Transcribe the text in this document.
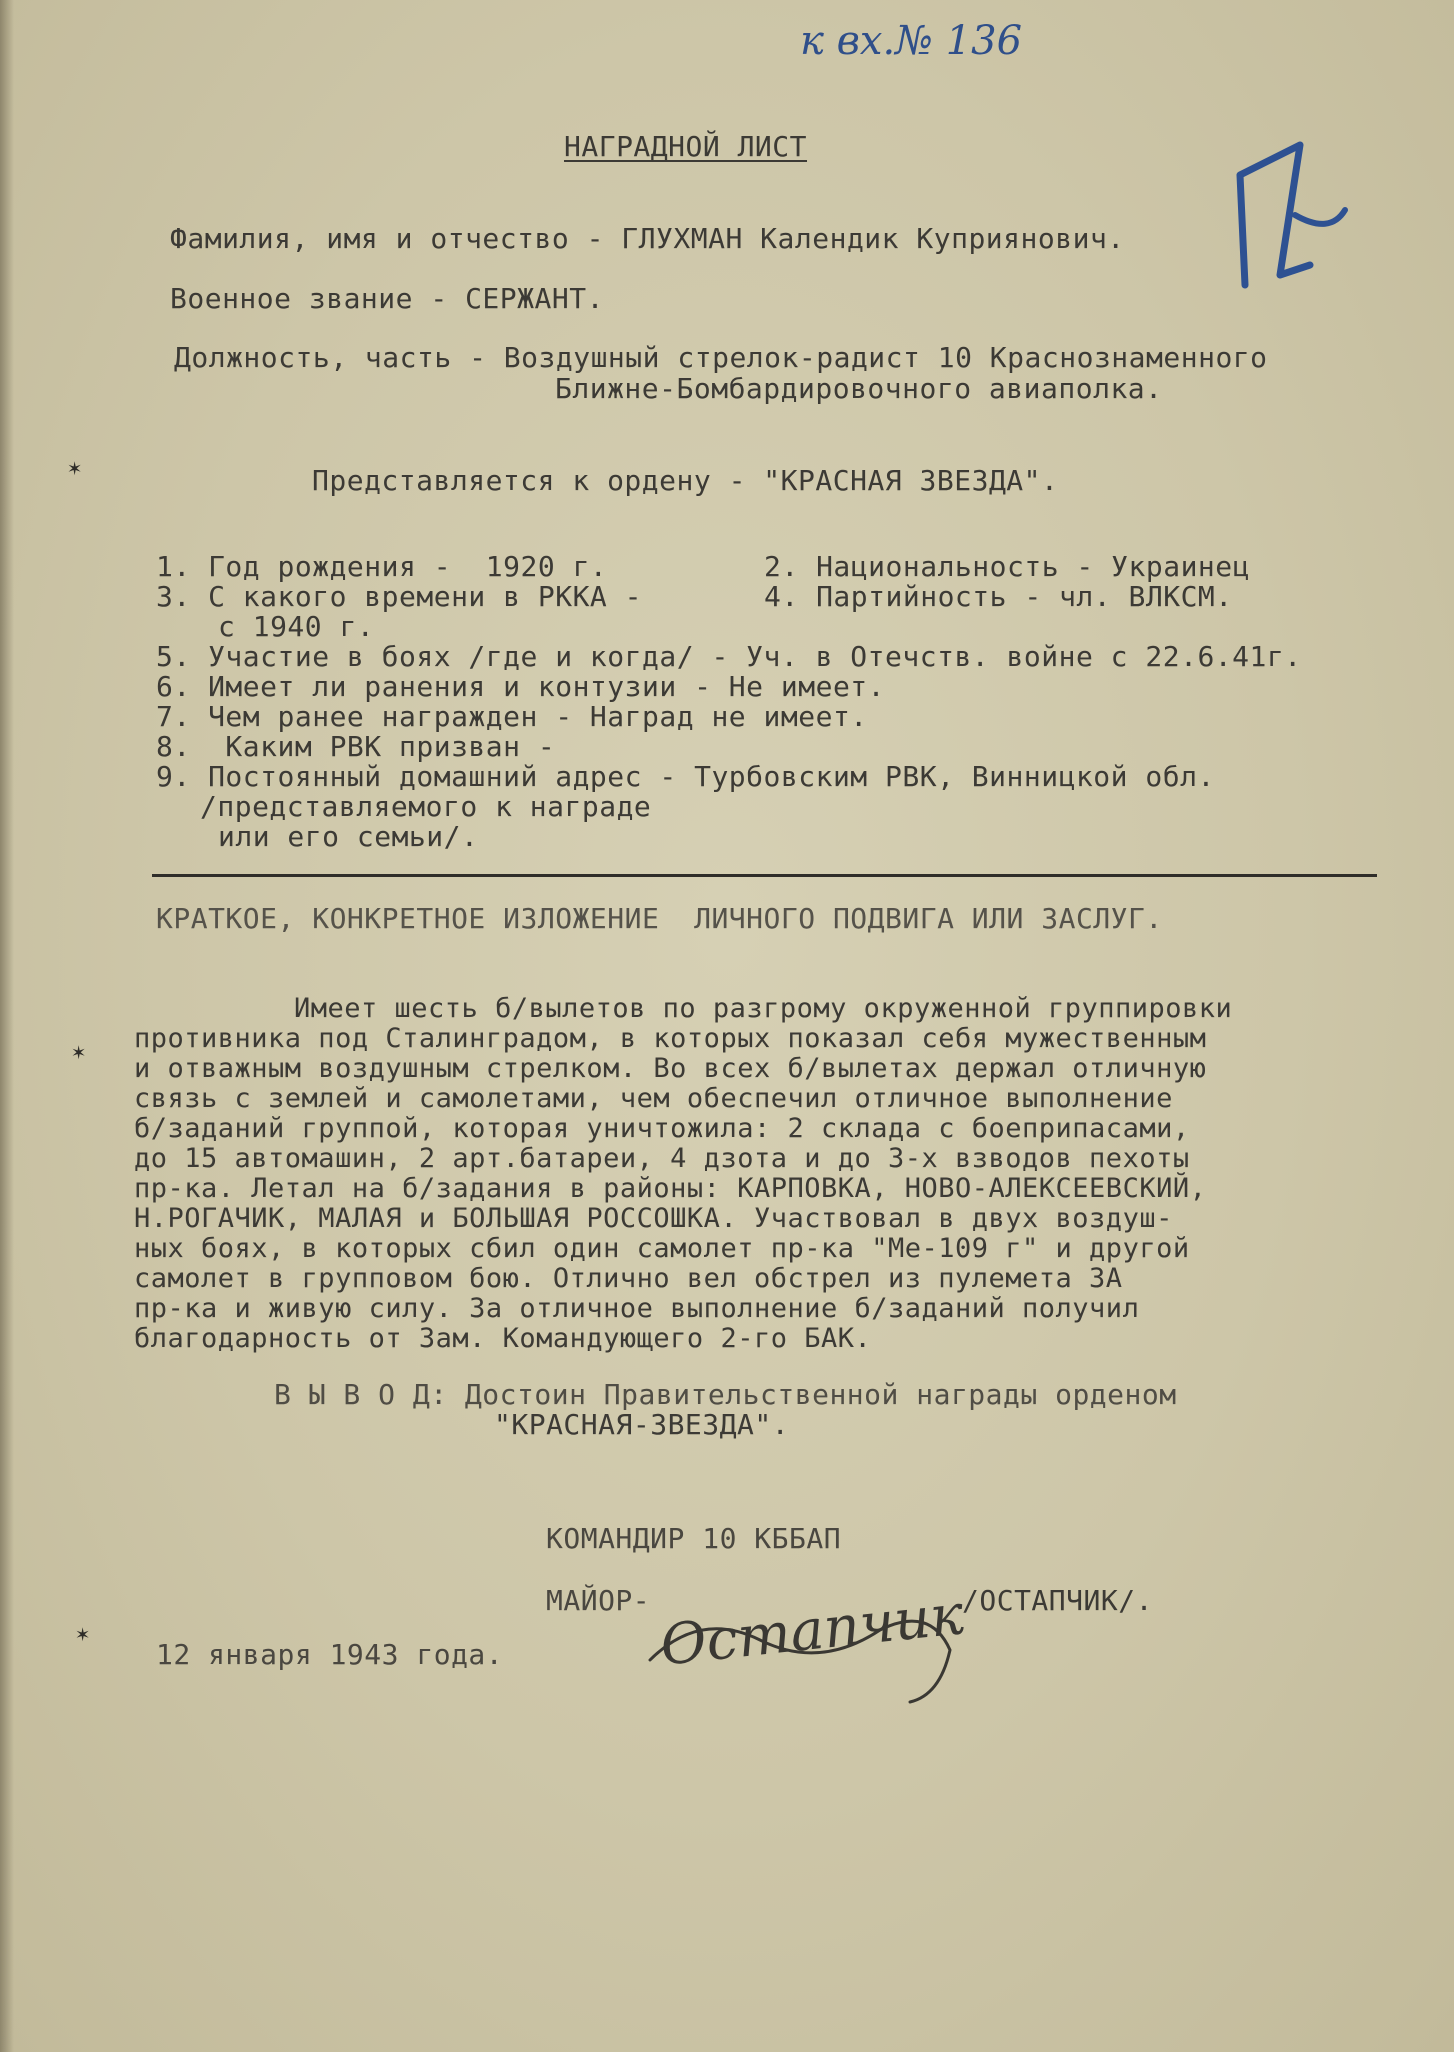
к вх.№ 136
НАГРАДНОЙ ЛИСТ
Фамилия, имя и отчество - ГЛУХМАН Календик Куприянович.
Военное звание - СЕРЖАНТ.
Должность, часть - Воздушный стрелок-радист 10 Краснознаменного
Ближне-Бомбардировочного авиаполка.
Представляется к ордену - "КРАСНАЯ ЗВЕЗДА".
1. Год рождения -  1920 г.	2. Национальность - Украинец
3. С какого времени в РККА -	4. Партийность - чл. ВЛКСМ.
с 1940 г.
5. Участие в боях /где и когда/ - Уч. в Отечств. войне с 22.6.41г.
6. Имеет ли ранения и контузии - Не имеет.
7. Чем ранее награжден - Наград не имеет.
8.  Каким РВК призван -
9. Постоянный домашний адрес - Турбовским РВК, Винницкой обл.
/представляемого к награде
или его семьи/.
КРАТКОЕ, КОНКРЕТНОЕ ИЗЛОЖЕНИЕ  ЛИЧНОГО ПОДВИГА ИЛИ ЗАСЛУГ.
Имеет шесть б/вылетов по разгрому окруженной группировки
противника под Сталинградом, в которых показал себя мужественным
и отважным воздушным стрелком. Во всех б/вылетах держал отличную
связь с землей и самолетами, чем обеспечил отличное выполнение
б/заданий группой, которая уничтожила: 2 склада с боеприпасами,
до 15 автомашин, 2 арт.батареи, 4 дзота и до 3-х взводов пехоты
пр-ка. Летал на б/задания в районы: КАРПОВКА, НОВО-АЛЕКСЕЕВСКИЙ,
Н.РОГАЧИК, МАЛАЯ и БОЛЬШАЯ РОССОШКА. Участвовал в двух воздуш-
ных боях, в которых сбил один самолет пр-ка "Ме-109 г" и другой
самолет в групповом бою. Отлично вел обстрел из пулемета ЗА
пр-ка и живую силу. За отличное выполнение б/заданий получил
благодарность от Зам. Командующего 2-го БАК.
В Ы В О Д: Достоин Правительственной награды орденом
"КРАСНАЯ-ЗВЕЗДА".
КОМАНДИР 10 КББАП
МАЙОР-	/ОСТАПЧИК/.
12 января 1943 года.	Остапчик
✶
✶
✶
